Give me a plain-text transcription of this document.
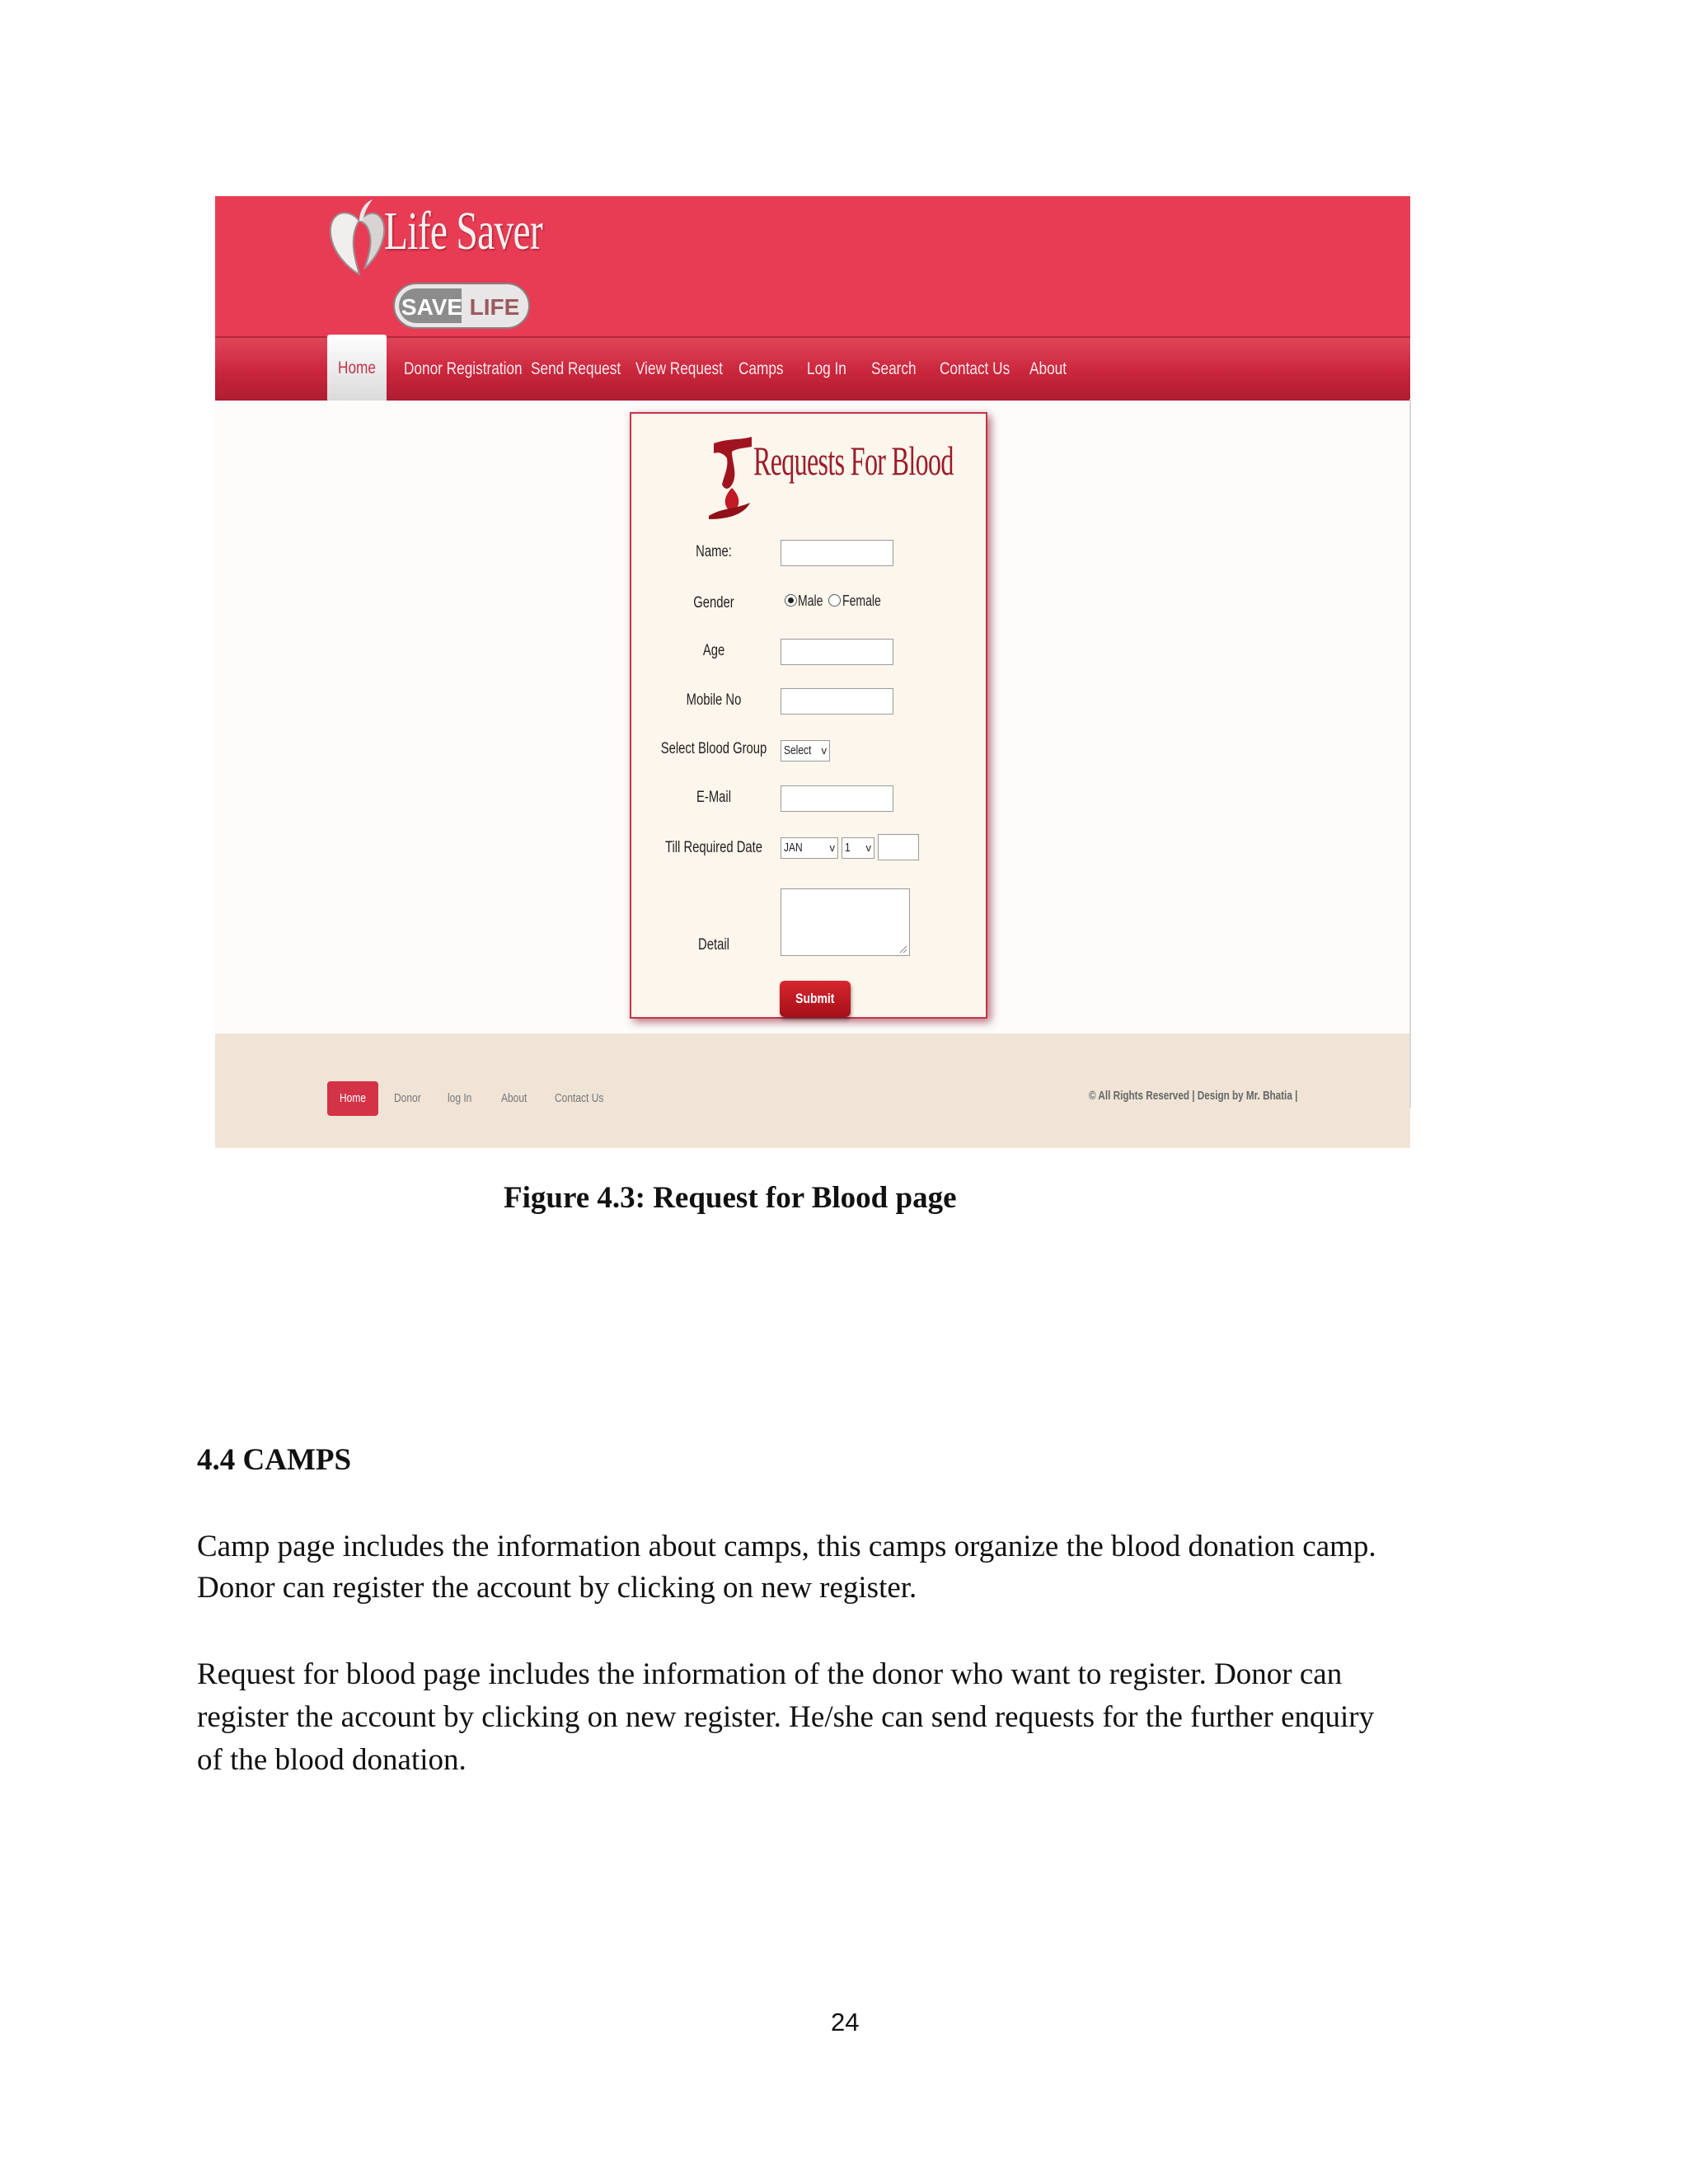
Life Saver
SAVE LIFE
Donor Registration Send Request View Request Camps Log In Search Contact Us About
Home
Requests For Blood
Name:
Gender	Male Female
Age
Mobile No
Select Blood Group	Select v
E-Mail
Till Required Date	JAN	v 1 v
Detail
Submit
Home	Donor log In About Contact Us	© All Rights Reserved | Design by Mr. Bhatia |
Figure 4.3: Request for Blood page
4.4 CAMPS
Camp page includes the information about camps, this camps organize the blood donation camp.
Donor can register the account by clicking on new register.
Request for blood page includes the information of the donor who want to register. Donor can
register the account by clicking on new register. He/she can send requests for the further enquiry
of the blood donation.
24
